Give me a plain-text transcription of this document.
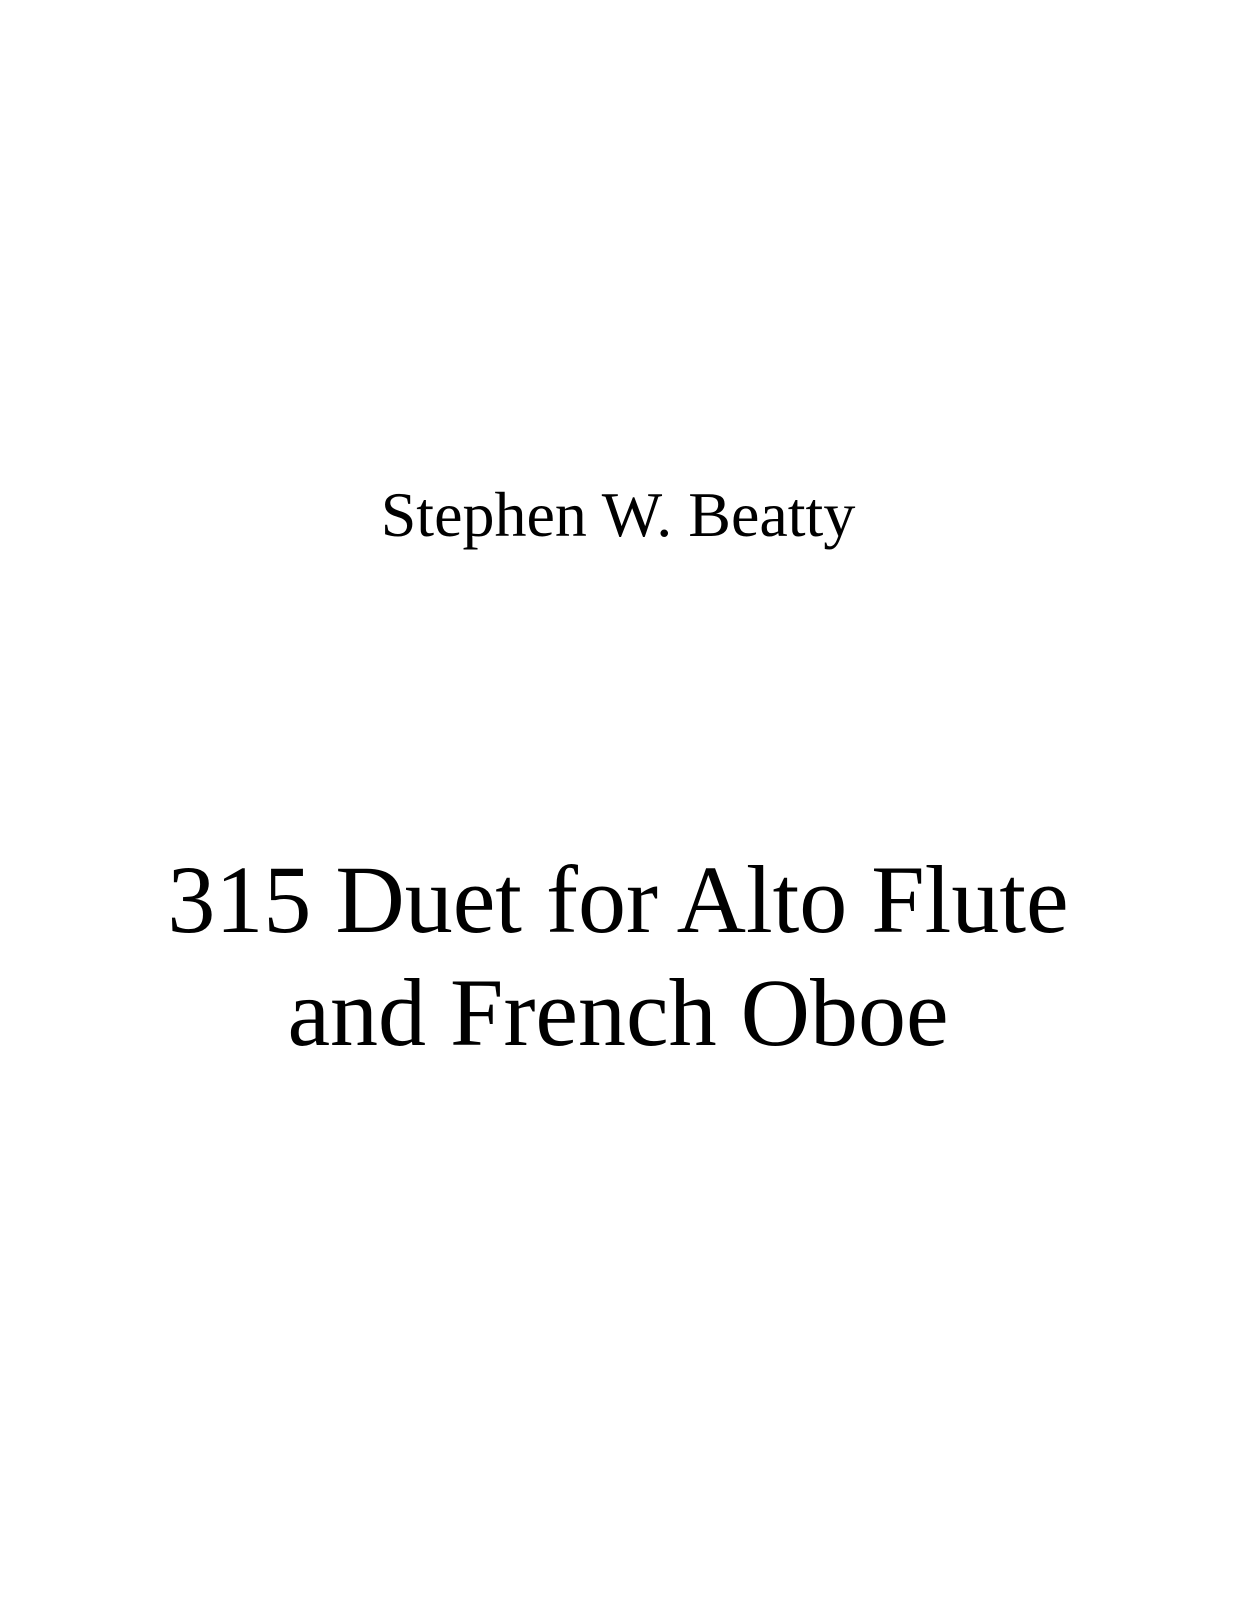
Stephen W. Beatty
315 Duet for Alto Flute
and French Oboe
